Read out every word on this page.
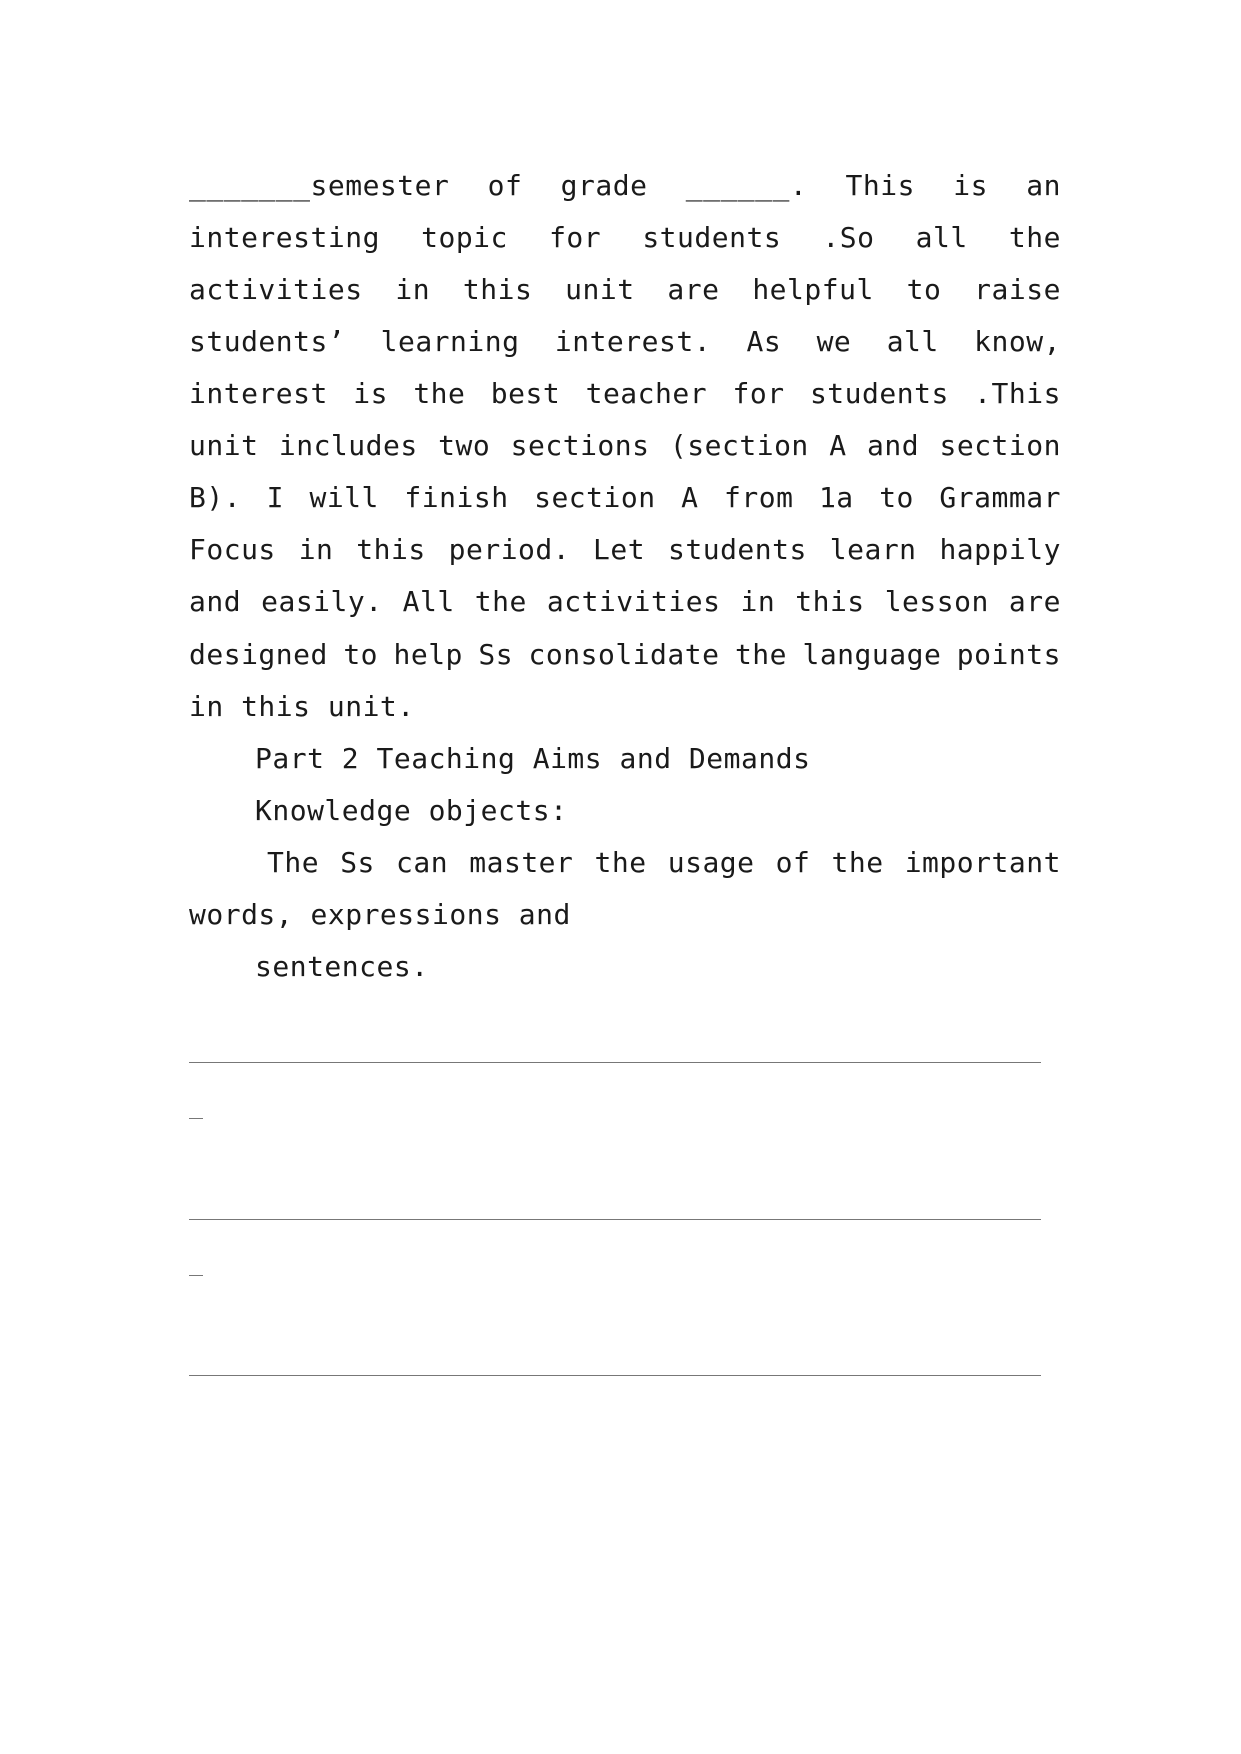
_______semester of grade ______. This is an
interesting topic for students .So all the
activities in this unit are helpful to raise
students’ learning interest. As we all know,
interest is the best teacher for students .This
unit includes two sections (section A and section
B). I will finish section A from 1a to Grammar
Focus in this period. Let students learn happily
and easily. All the activities in this lesson are
designed to help Ss consolidate the language points
in this unit.
Part 2 Teaching Aims and Demands
Knowledge objects:
The Ss can master the usage of the important
words, expressions and
sentences.
